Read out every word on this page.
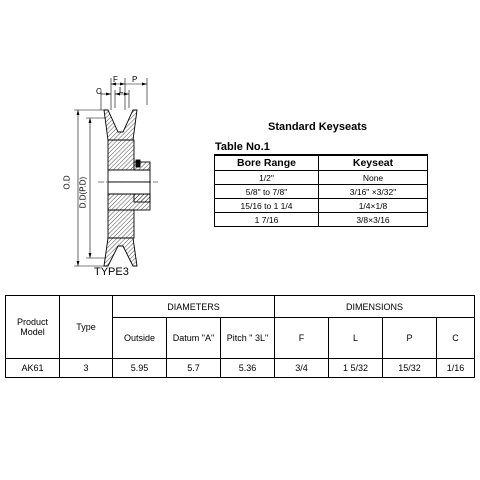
F P
L
C
O.D D.D(P.D)
TYPE3
Standard Keyseats
Table No.1
Bore Range	Keyseat
1/2"	None
5/8" to 7/8"	3/16" ×3/32"
15/16 to 1 1/4	1/4×1/8
1 7/16	3/8×3/16
Product
Model	Type	DIAMETERS			DIMENSIONS			
		Outside	Datum "A"	Pitch " 3L"	F	L	P	C
AK61	3	5.95	5.7	5.36	3/4	1 5/32	15/32	1/16
